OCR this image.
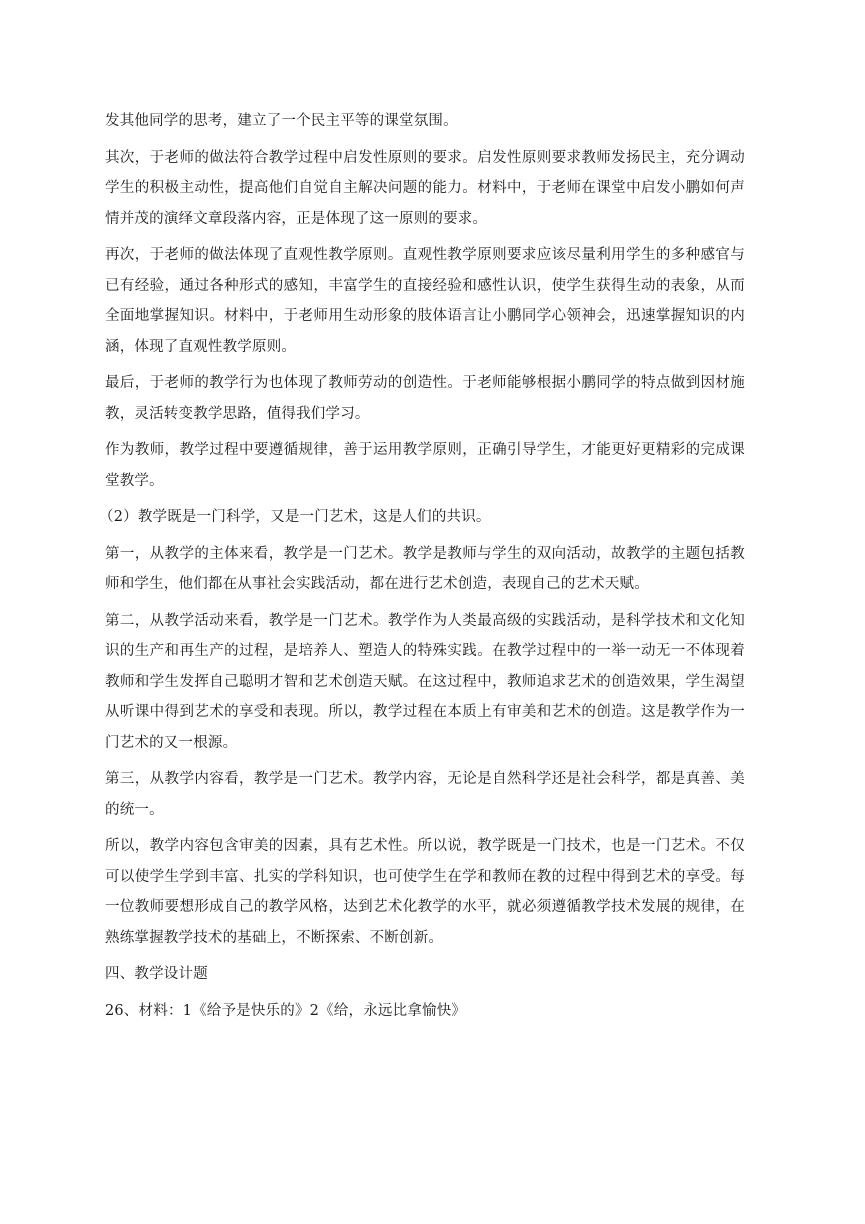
发其他同学的思考，建立了一个民主平等的课堂氛围。

其次，于老师的做法符合教学过程中启发性原则的要求。启发性原则要求教师发扬民主，充分调动学生的积极主动性，提高他们自觉自主解决问题的能力。材料中，于老师在课堂中启发小鹏如何声情并茂的演绎文章段落内容，正是体现了这一原则的要求。

再次，于老师的做法体现了直观性教学原则。直观性教学原则要求应该尽量利用学生的多种感官与已有经验，通过各种形式的感知，丰富学生的直接经验和感性认识，使学生获得生动的表象，从而全面地掌握知识。材料中，于老师用生动形象的肢体语言让小鹏同学心领神会，迅速掌握知识的内涵，体现了直观性教学原则。

最后，于老师的教学行为也体现了教师劳动的创造性。于老师能够根据小鹏同学的特点做到因材施教，灵活转变教学思路，值得我们学习。

作为教师，教学过程中要遵循规律，善于运用教学原则，正确引导学生，才能更好更精彩的完成课堂教学。

（2）教学既是一门科学，又是一门艺术，这是人们的共识。

第一，从教学的主体来看，教学是一门艺术。教学是教师与学生的双向活动，故教学的主题包括教师和学生，他们都在从事社会实践活动，都在进行艺术创造，表现自己的艺术天赋。

第二，从教学活动来看，教学是一门艺术。教学作为人类最高级的实践活动，是科学技术和文化知识的生产和再生产的过程，是培养人、塑造人的特殊实践。在教学过程中的一举一动无一不体现着教师和学生发挥自己聪明才智和艺术创造天赋。在这过程中，教师追求艺术的创造效果，学生渴望从听课中得到艺术的享受和表现。所以，教学过程在本质上有审美和艺术的创造。这是教学作为一门艺术的又一根源。

第三，从教学内容看，教学是一门艺术。教学内容，无论是自然科学还是社会科学，都是真善、美的统一。

所以，教学内容包含审美的因素，具有艺术性。所以说，教学既是一门技术，也是一门艺术。不仅可以使学生学到丰富、扎实的学科知识，也可使学生在学和教师在教的过程中得到艺术的享受。每一位教师要想形成自己的教学风格，达到艺术化教学的水平，就必须遵循教学技术发展的规律，在熟练掌握教学技术的基础上，不断探索、不断创新。

四、教学设计题

26、材料：1《给予是快乐的》2《给，永远比拿愉快》
